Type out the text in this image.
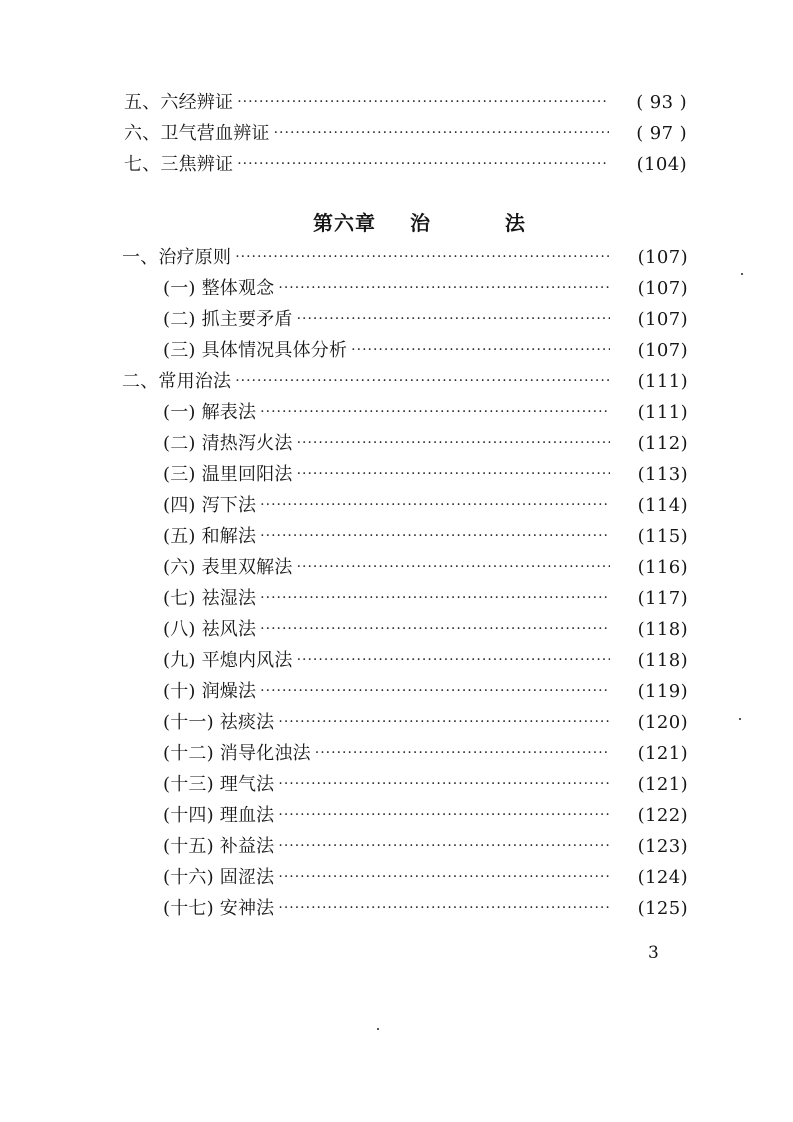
五、六经辨证 ·····	( 93 )
六、卫气营血辨证 ·····	( 97 )
七、三焦辨证 ·····	(104)
第六章 治 法
一、治疗原则 ·····	(107)
(一) 整体观念 ·····	(107)
(二) 抓主要矛盾 ·····	(107)
(三) 具体情况具体分析 ·····	(107)
二、常用治法 ·····	(111)
(一) 解表法 ·····	(111)
(二) 清热泻火法 ·····	(112)
(三) 温里回阳法 ·····	(113)
(四) 泻下法 ·····	(114)
(五) 和解法 ·····	(115)
(六) 表里双解法 ·····	(116)
(七) 祛湿法 ·····	(117)
(八) 祛风法 ·····	(118)
(九) 平熄内风法 ·····	(118)
(十) 润燥法 ·····	(119)
(十一) 祛痰法 ·····	(120)
(十二) 消导化浊法 ·····	(121)
(十三) 理气法 ·····	(121)
(十四) 理血法 ·····	(122)
(十五) 补益法 ·····	(123)
(十六) 固涩法 ·····	(124)
(十七) 安神法 ·····	(125)
3
